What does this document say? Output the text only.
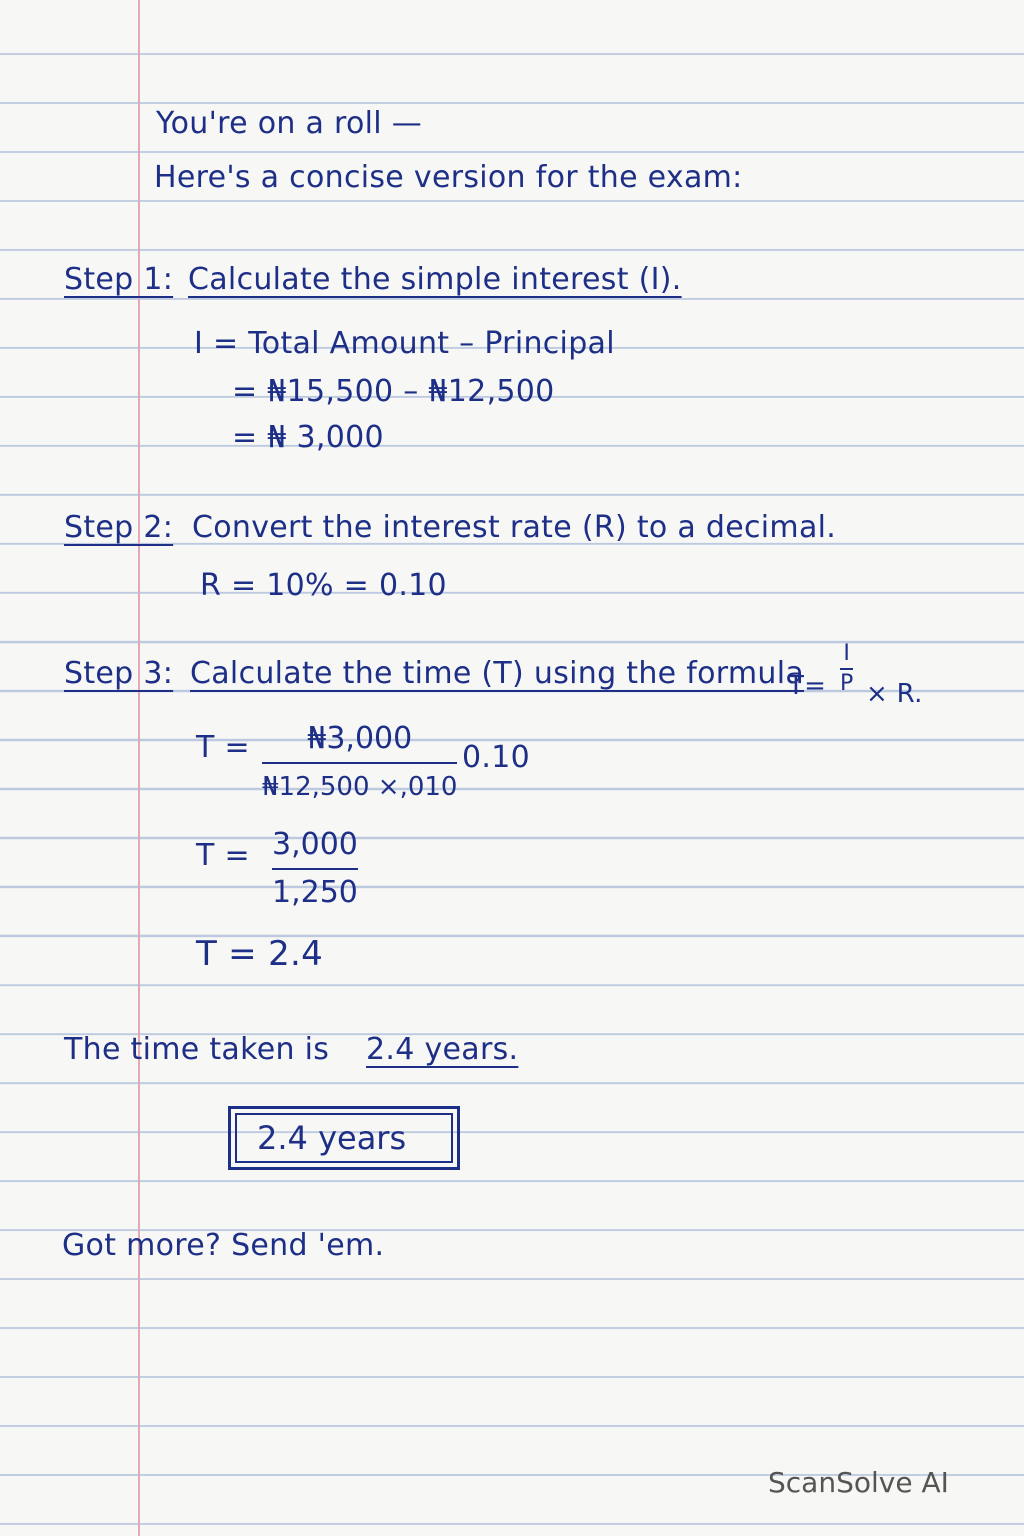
You're on a roll —
Here's a concise version for the exam:
Step 1: Calculate the simple interest (I).
I = Total Amount – Principal
= ₦15,500 – ₦12,500
= ₦ 3,000
Step 2: Convert the interest rate (R) to a decimal.
R = 10% = 0.10
Step 3: Calculate the time (T) using the formula
T=
I
P × R.
T = ₦3,000
₦12,500 ×,010
0.10
T = 3,000
1,250
T = 2.4
The time taken is 2.4 years.
2.4 years
Got more? Send 'em.
ScanSolve AI
